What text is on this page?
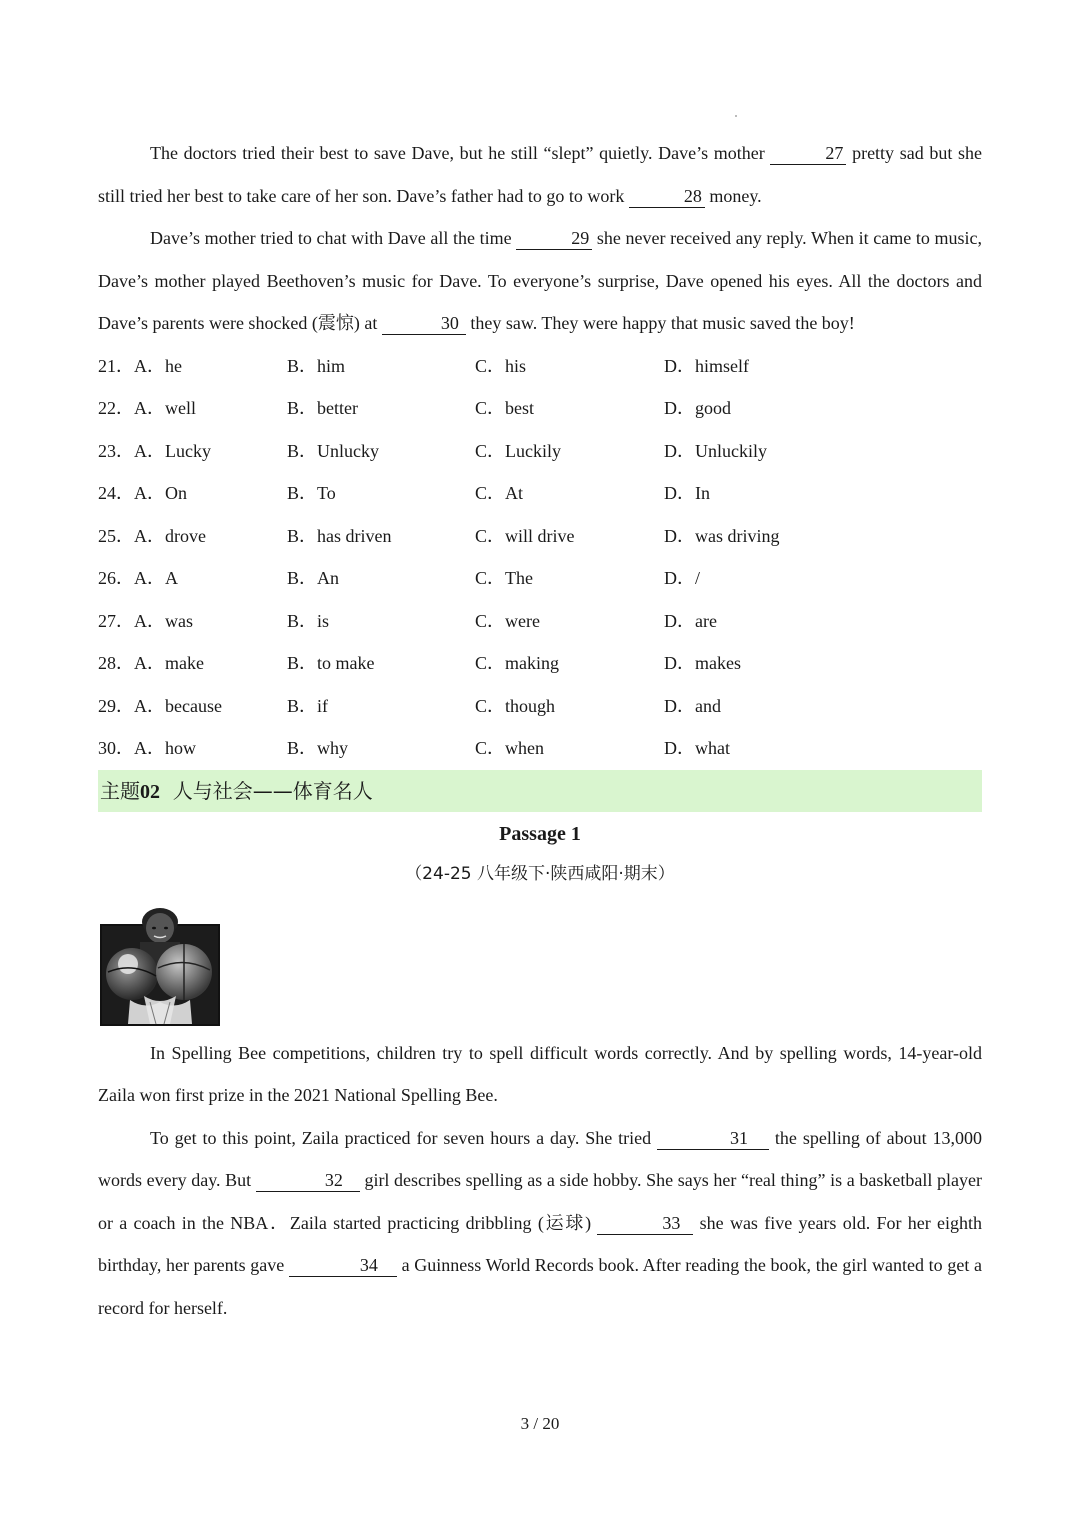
The doctors tried their best to save Dave, but he still “slept” quietly. Dave’s mother	27 pretty sad but she still tried her best to take care of her son. Dave’s father had to go to work	28 money.

Dave’s mother tried to chat with Dave all the time	29 she never received any reply. When it came to music, Dave’s mother played Beethoven’s music for Dave. To everyone’s surprise, Dave opened his eyes. All the doctors and Dave’s parents were shocked (震惊) at	30 they saw. They were happy that music saved the boy!

21．A．he	B．him	C．his	D．himself
22．A．well	B．better	C．best	D．good
23．A．Lucky	B．Unlucky	C．Luckily	D．Unluckily
24．A．On	B．To	C．At	D．In
25．A．drove	B．has driven	C．will drive	D．was driving
26．A．A	B．An	C．The	D．/
27．A．was	B．is	C．were	D．are
28．A．make	B．to make	C．making	D．makes
29．A．because	B．if	C．though	D．and
30．A．how	B．why	C．when	D．what
主题02 人与社会——体育名人
Passage 1
（24-25 八年级下·陕西咸阳·期末）

In Spelling Bee competitions, children try to spell difficult words correctly. And by spelling words, 14-year-old Zaila won first prize in the 2021 National Spelling Bee.

To get to this point, Zaila practiced for seven hours a day. She tried	31 the spelling of about 13,000 words every day. But	32 girl describes spelling as a side hobby. She says her “real thing” is a basketball player or a coach in the NBA．Zaila started practicing dribbling (运球)	33 she was five years old. For her eighth birthday, her parents gave	34 a Guinness World Records book. After reading the book, the girl wanted to get a record for herself.

3 / 20
